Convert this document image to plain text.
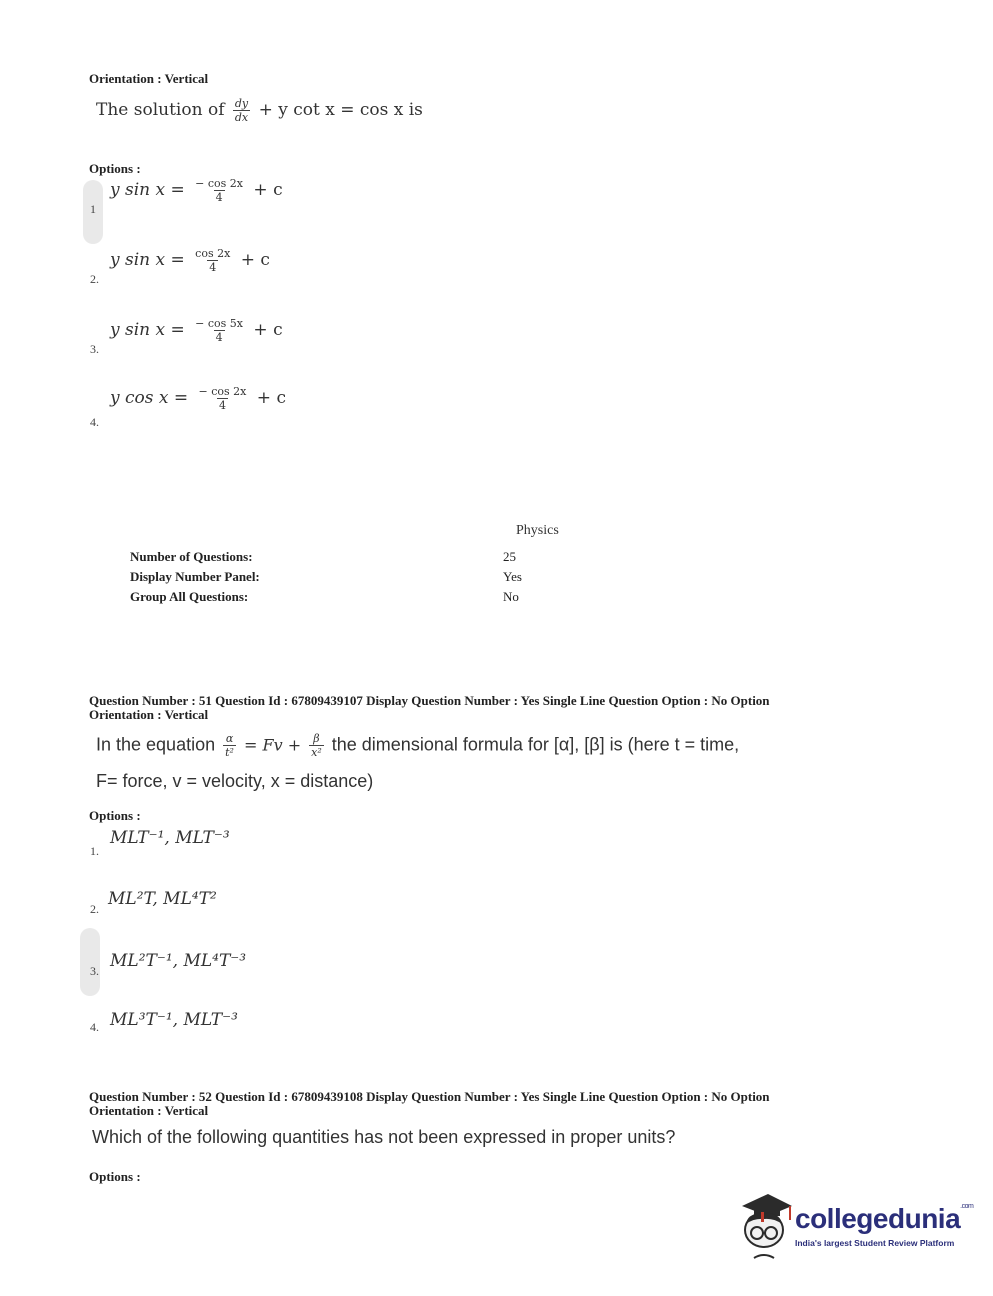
Orientation : Vertical
The solution of $\frac{dy}{dx} + y$ cot x = cos x is
Options :
1
y $\sin x = \frac{- \cos 2x}{4} + c$
2.
y $\sin x = \frac{\cos 2x}{4} + c$
3.
y $\sin x = \frac{- \cos 5x}{4} + c$
4.
y $\cos x = \frac{- \cos 2x}{4} + c$
Physics
Number of Questions:	25
Display Number Panel:	Yes
Group All Questions:	No
Question Number : 51 Question Id : 67809439107 Display Question Number : Yes Single Line Question Option : No Option
Orientation : Vertical
In the equation $\frac{\alpha}{\text{t²}} = Fv + \frac{\beta}{\text{x²}}$ the dimensional formula for [α], [β] is (here t = time,
F= force, v = velocity, x = distance)
Options :
1.
MLT⁻¹, MLT⁻³
2. ML²T, ML⁴T²
3. ML²T⁻¹, ML⁴T⁻³
4. ML³T⁻¹, MLT⁻³
Question Number : 52 Question Id : 67809439108 Display Question Number : Yes Single Line Question Option : No Option
Orientation : Vertical
Which of the following quantities has not been expressed in proper units?
Options :
collegedunia$^{.com}$
India's largest Student Review Platform
